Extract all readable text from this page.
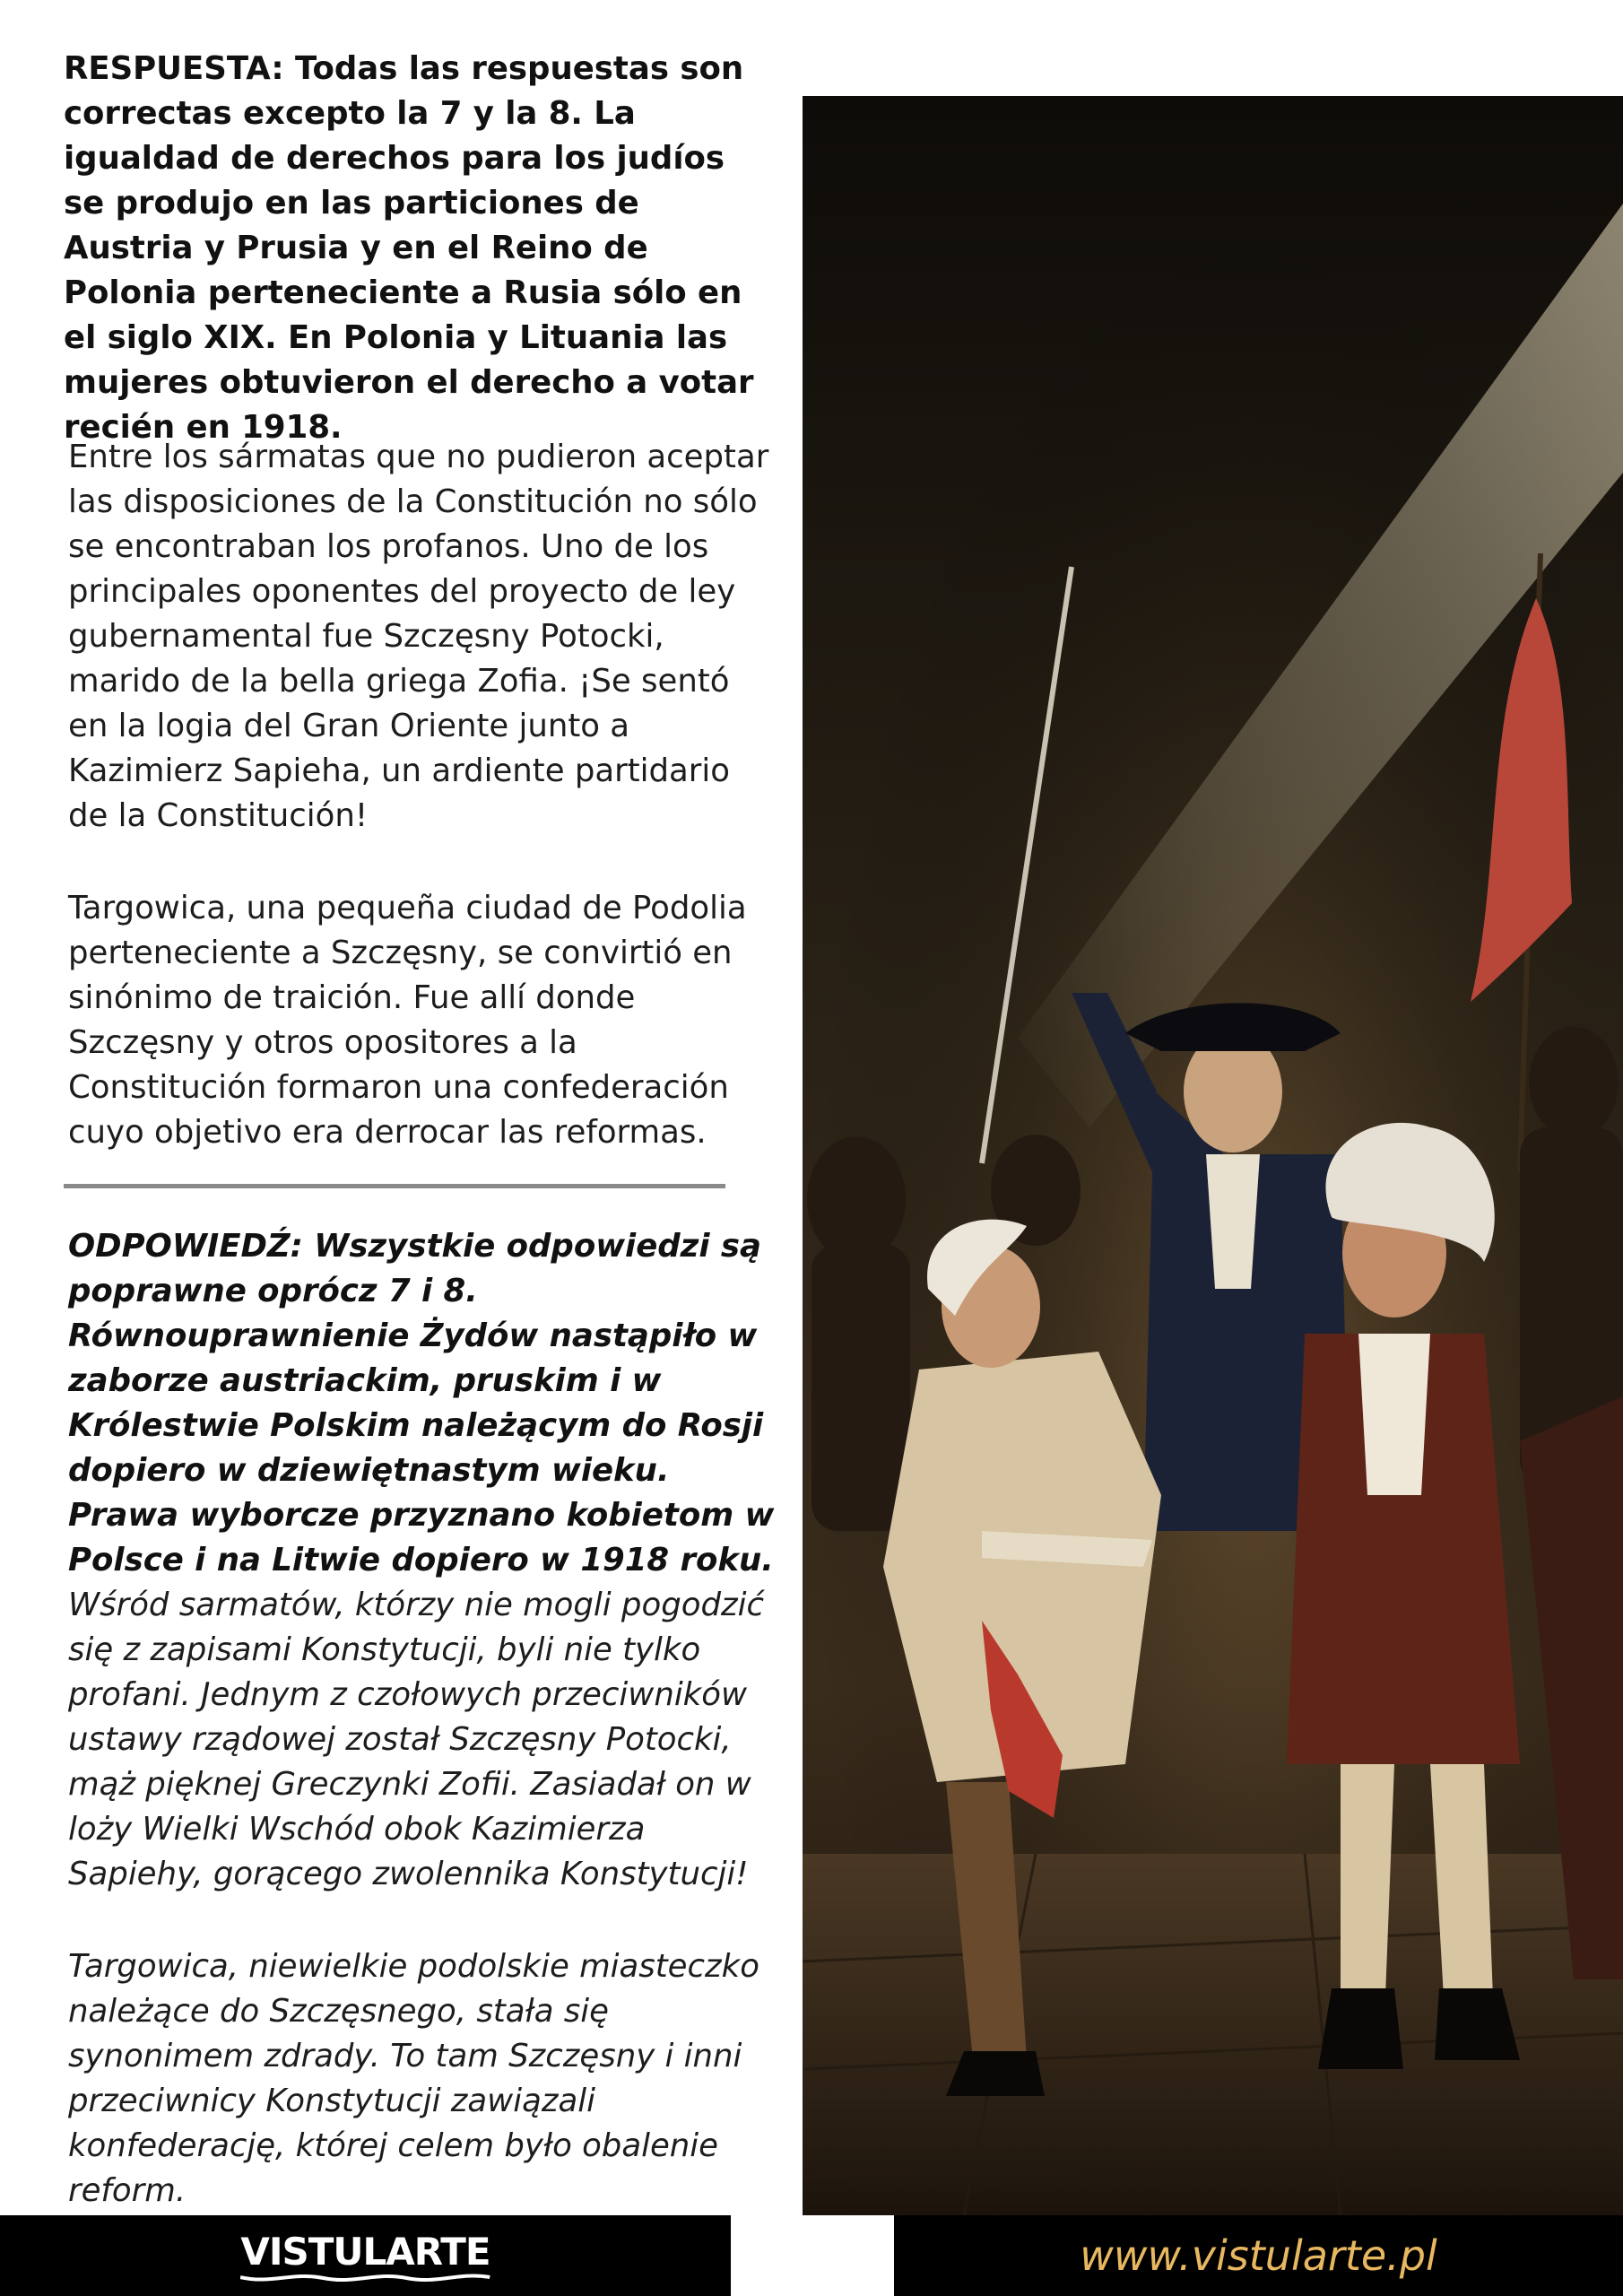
RESPUESTA: Todas las respuestas son correctas excepto la 7 y la 8. La igualdad de derechos para los judíos se produjo en las particiones de Austria y Prusia y en el Reino de Polonia perteneciente a Rusia sólo en el siglo XIX. En Polonia y Lituania las mujeres obtuvieron el derecho a votar recién en 1918.
Entre los sármatas que no pudieron aceptar las disposiciones de la Constitución no sólo se encontraban los profanos. Uno de los principales oponentes del proyecto de ley gubernamental fue Szczęsny Potocki, marido de la bella griega Zofia. ¡Se sentó en la logia del Gran Oriente junto a Kazimierz Sapieha, un ardiente partidario de la Constitución!
Targowica, una pequeña ciudad de Podolia perteneciente a Szczęsny, se convirtió en sinónimo de traición. Fue allí donde Szczęsny y otros opositores a la Constitución formaron una confederación cuyo objetivo era derrocar las reformas.
ODPOWIEDŹ: Wszystkie odpowiedzi są poprawne oprócz 7 i 8. Równouprawnienie Żydów nastąpiło w zaborze austriackim, pruskim i w Królestwie Polskim należącym do Rosji dopiero w dziewiętnastym wieku. Prawa wyborcze przyznano kobietom w Polsce i na Litwie dopiero w 1918 roku.
Wśród sarmatów, którzy nie mogli pogodzić się z zapisami Konstytucji, byli nie tylko profani. Jednym z czołowych przeciwników ustawy rządowej został Szczęsny Potocki, mąż pięknej Greczynki Zofii. Zasiadał on w loży Wielki Wschód obok Kazimierza Sapiehy, gorącego zwolennika Konstytucji!
Targowica, niewielkie podolskie miasteczko należące do Szczęsnego, stała się synonimem zdrady. To tam Szczęsny i inni przeciwnicy Konstytucji zawiązali konfederację, której celem było obalenie reform.
VISTULARTE	www.vistularte.pl
